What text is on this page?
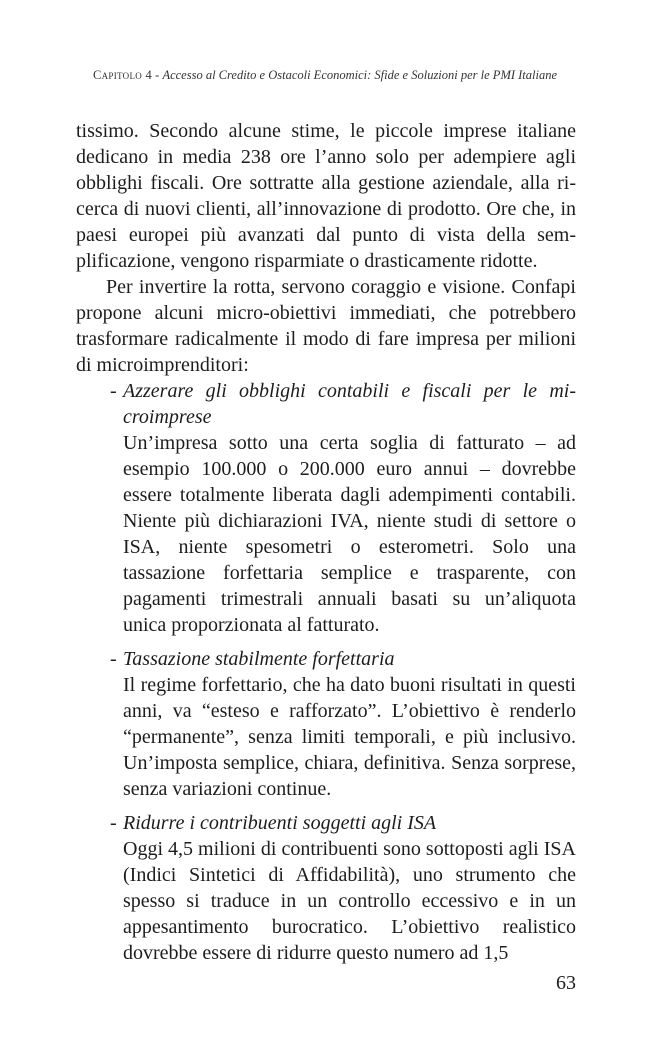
Capitolo 4 - Accesso al Credito e Ostacoli Economici: Sfide e Soluzioni per le PMI Italiane

tissimo. Secondo alcune stime, le piccole imprese italiane dedicano in media 238 ore l’anno solo per adempiere agli obblighi fiscali. Ore sottratte alla gestione aziendale, alla ricerca di nuovi clienti, all’innovazione di prodotto. Ore che, in paesi europei più avanzati dal punto di vista della semplificazione, vengono risparmiate o drasticamente ridotte.

Per invertire la rotta, servono coraggio e visione. Confapi propone alcuni micro-obiettivi immediati, che potrebbero trasformare radicalmente il modo di fare impresa per milioni di microimprenditori:

- Azzerare gli obblighi contabili e fiscali per le microimprese

Un’impresa sotto una certa soglia di fatturato – ad esempio 100.000 o 200.000 euro annui – dovrebbe essere totalmente liberata dagli adempimenti contabili. Niente più dichiarazioni IVA, niente studi di settore o ISA, niente spesometri o esterometri. Solo una tassazione forfettaria semplice e trasparente, con pagamenti trimestrali annuali basati su un’aliquota unica proporzionata al fatturato.

- Tassazione stabilmente forfettaria

Il regime forfettario, che ha dato buoni risultati in questi anni, va “esteso e rafforzato”. L’obiettivo è renderlo “permanente”, senza limiti temporali, e più inclusivo. Un’imposta semplice, chiara, definitiva. Senza sorprese, senza variazioni continue.

- Ridurre i contribuenti soggetti agli ISA

Oggi 4,5 milioni di contribuenti sono sottoposti agli ISA (Indici Sintetici di Affidabilità), uno strumento che spesso si traduce in un controllo eccessivo e in un appesantimento burocratico. L’obiettivo realistico dovrebbe essere di ridurre questo numero ad 1,5

63
